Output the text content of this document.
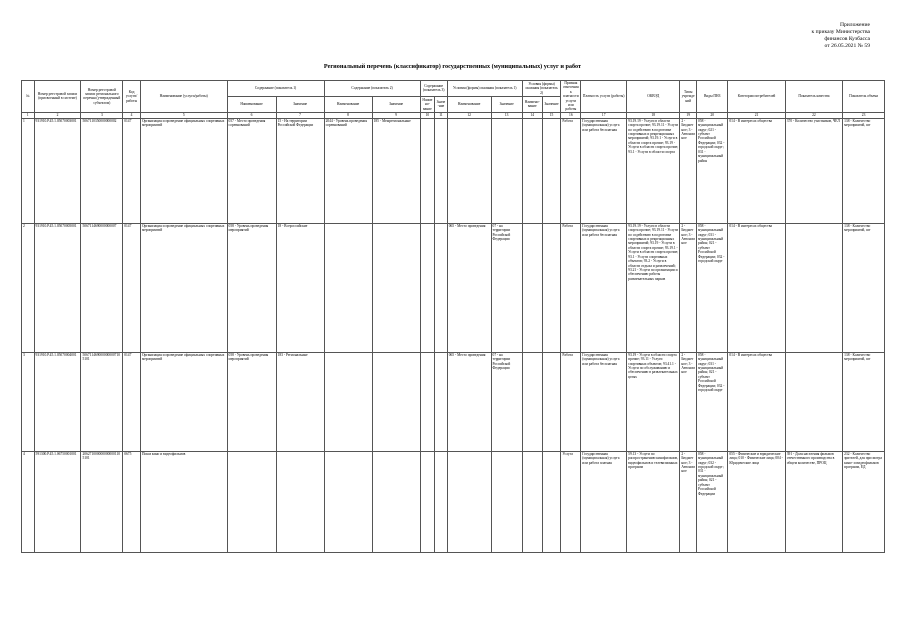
Приложение
к приказу Министерства
финансов Кузбасса
от 26.05.2021 № 59
Региональный перечень (классификатор) государственных (муниципальных) услуг и работ
№	Номер реестровой записи (присвоенный в системе)	Номер реестровой записи регионального перечня (утвержденный субъектом)	Код услуги/работы	Наименование (услуги/работы)	Содержание (показатель 1)		Содержание (показатель 2)		Содержание (показатель 3)		Условия (формы) оказания (показатель 1)		Условия (формы) оказания (показатель 2)		Признак отнесения к платности услуги или работы	Платность услуги (работы)	ОКВЭД	Типы учреждений	Виды ПНЗ	Категории потребителей	Показатель качества	Показатель объема
					Наименование	Значение	Наименование	Значение	Наимено-вание	Значе-ние	Наименование	Значение	Наимено-вание	Значение								
1	2	3	4	5	6	7	8	9	10	11	12	13	14	15	16	17	18	19	20	21	22	23
1	931910.Р.45.1.05070003001	5067110350000000002	0147	Организация и проведение официальных спортивных мероприятий	057 - Место проведения соревнований	15 - На территории Российской Федерации	2044 - Уровень проведения соревнований	185 - Межрегиональные							Работа	Государственная (муниципальная) услуга или работа бесплатная	93.19.19 - Услуги в области спорта прочие; 93.19.11 - Услуги по содействию в подготовке спортивных и рекреационных мероприятий; 93.19.1 - Услуги в области спорта прочие; 93.19 - Услуги в области спорта прочие; 93.1 - Услуги в области спорта	2 - Бюджетное; 3 - Автономное	058 - муниципальный округ; 021 - субъект Российской Федерации; 032 - городской округ; 031 - муниципальный район	014 - В интересах общества	370 - Количество участников, ЧЕЛ	138 - Количество мероприятий, шт
2	931910.Р.45.1.05070005001	5067114690000000007	0147	Организация и проведение официальных спортивных мероприятий	058 - Уровень проведения мероприятий	18 - Всероссийские					065 - Место проведения	07 - на территории Российской Федерации			Работа	Государственная (муниципальная) услуга или работа бесплатная	93.19.19 - Услуги в области спорта прочие; 93.19.11 - Услуги по содействию в подготовке спортивных и рекреационных мероприятий; 93.19 - Услуги в области спорта прочие; 93.19.1 - Услуги в области спорта прочие; 93.1 - Услуги спортивных объектов; 93.2 - Услуги в области отдыха и развлечений; 93.21 - Услуги по организации и обеспечению работы развлекательных парков	2 - Бюджетное; 3 - Автономное	058 - муниципальный округ; 031 - муниципальный район; 021 - субъект Российской Федерации; 032 - городской округ	014 - В интересах общества		138 - Количество мероприятий, шт
3	931910.Р.45.1.05070004001	5067114690000000007105101	0147	Организация и проведение официальных спортивных мероприятий	058 - Уровень проведения мероприятий	183 - Региональные					065 - Место проведения	07 - на территории Российской Федерации			Работа	Государственная (муниципальная) услуга или работа бесплатная	93.19 - Услуги в области спорта прочие; 93.11 - Услуги спортивных объектов; 93.41.1 - Услуги по обслуживанию и обеспечению в развлекательных целях	2 - Бюджетное; 3 - Автономное	058 - муниципальный округ; 031 - муниципальный район; 021 - субъект Российской Федерации; 032 - городской округ	014 - В интересах общества		138 - Количество мероприятий, шт
4	591300.Р.45.1.06750001001	2062710000000000001105101	0675	Показ кино и видеофильмов											Услуга	Государственная (муниципальная) услуга или работа платная	59.13 - Услуги по распространению кинофильмов, видеофильмов и телевизионных программ	2 - Бюджетное; 3 - Автономное	058 - муниципальный округ; 032 - городской округ; 031 - муниципальный район; 021 - субъект Российской Федерации	055 - Физические и юридические лица; 010 - Физические лица; 004 - Юридические лица	391 - Доля населения фильмов отечественного производства в общем количестве, ПРОЦ	232 - Количество зрителей, для просмотра кино- и видеофильмов программ, ЕД
